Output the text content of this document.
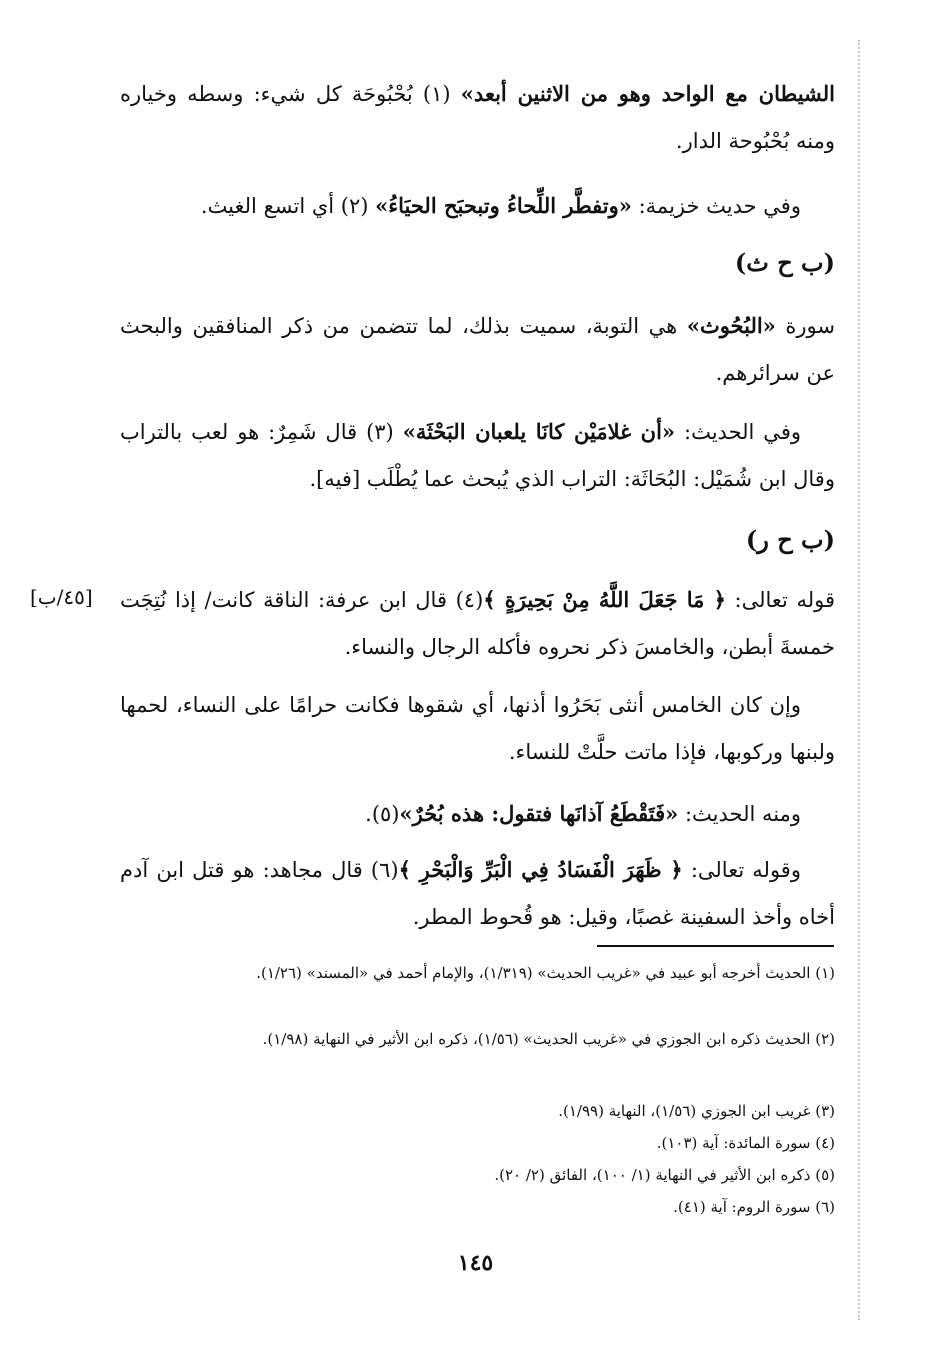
الشيطان مع الواحد وهو من الاثنين أبعد» (١) بُحْبُوحَة كل شيء: وسطه وخياره ومنه بُحْبُوحة الدار.
وفي حديث خزيمة: «وتفطَّر اللِّحاءُ وتبحبَح الحيَاءُ» (٢) أي اتسع الغيث.
(ب ح ث)
سورة «البُحُوث» هي التوبة، سميت بذلك، لما تتضمن من ذكر المنافقين والبحث عن سرائرهم.
وفي الحديث: «أن غلامَيْن كانَا يلعبان البَحْثَة» (٣) قال شَمِرٌ: هو لعب بالتراب وقال ابن شُمَيْل: البُحَاثَة: التراب الذي يُبحث عما يُطْلَب [فيه].
(ب ح ر)
[٤٥/ب]	قوله تعالى: ﴿ مَا جَعَلَ اللَّهُ مِنْ بَحِيرَةٍ ﴾(٤) قال ابن عرفة: الناقة كانت/ إذا نُتِجَت خمسةَ أبطن، والخامسَ ذكر نحروه فأكله الرجال والنساء.
وإن كان الخامس أنثى بَحَرُوا أذنها، أي شقوها فكانت حرامًا على النساء، لحمها ولبنها وركوبها، فإذا ماتت حلَّتْ للنساء.
ومنه الحديث: «فَتَقْطَعُ آذانَها فتقول: هذه بُحُرٌ»(٥).
وقوله تعالى: ﴿ ظَهَرَ الْفَسَادُ فِي الْبَرِّ وَالْبَحْرِ ﴾(٦) قال مجاهد: هو قتل ابن آدم أخاه وأخذ السفينة غصبًا، وقيل: هو قُحوط المطر.
(١) الحديث أخرجه أبو عبيد في «غريب الحديث» (١/٣١٩)، والإمام أحمد في «المسند» (١/٢٦).
(٢) الحديث ذكره ابن الجوزي في «غريب الحديث» (١/٥٦)، ذكره ابن الأثير في النهاية (١/٩٨).
(٣) غريب ابن الجوزي (١/٥٦)، النهاية (١/٩٩).
(٤) سورة المائدة: آية (١٠٣).
(٥) ذكره ابن الأثير في النهاية (١/ ١٠٠)، الفائق (٢/ ٢٠).
(٦) سورة الروم: آية (٤١).
١٤٥
